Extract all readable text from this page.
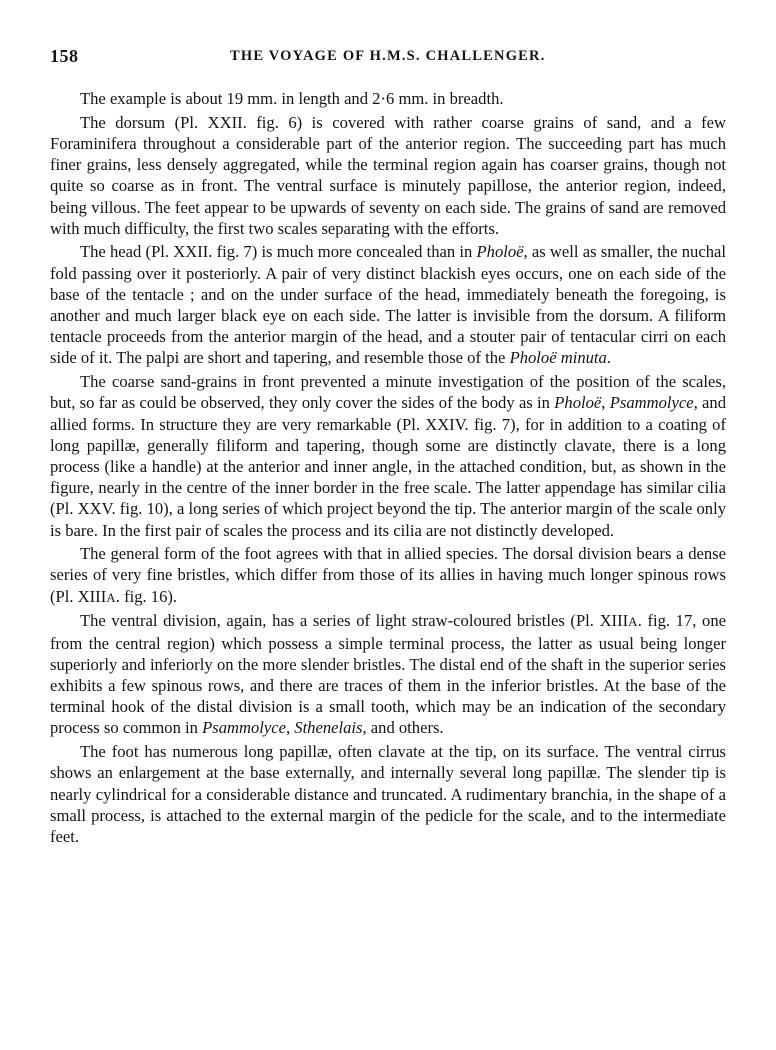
158	THE VOYAGE OF H.M.S. CHALLENGER.

The example is about 19 mm. in length and 2·6 mm. in breadth.

The dorsum (Pl. XXII. fig. 6) is covered with rather coarse grains of sand, and a few Foraminifera throughout a considerable part of the anterior region. The succeeding part has much finer grains, less densely aggregated, while the terminal region again has coarser grains, though not quite so coarse as in front. The ventral surface is minutely papillose, the anterior region, indeed, being villous. The feet appear to be upwards of seventy on each side. The grains of sand are removed with much difficulty, the first two scales separating with the efforts.

The head (Pl. XXII. fig. 7) is much more concealed than in Pholoë, as well as smaller, the nuchal fold passing over it posteriorly. A pair of very distinct blackish eyes occurs, one on each side of the base of the tentacle ; and on the under surface of the head, immediately beneath the foregoing, is another and much larger black eye on each side. The latter is invisible from the dorsum. A filiform tentacle proceeds from the anterior margin of the head, and a stouter pair of tentacular cirri on each side of it. The palpi are short and tapering, and resemble those of the Pholoë minuta.

The coarse sand-grains in front prevented a minute investigation of the position of the scales, but, so far as could be observed, they only cover the sides of the body as in Pholoë, Psammolyce, and allied forms. In structure they are very remarkable (Pl. XXIV. fig. 7), for in addition to a coating of long papillæ, generally filiform and tapering, though some are distinctly clavate, there is a long process (like a handle) at the anterior and inner angle, in the attached condition, but, as shown in the figure, nearly in the centre of the inner border in the free scale. The latter appendage has similar cilia (Pl. XXV. fig. 10), a long series of which project beyond the tip. The anterior margin of the scale only is bare. In the first pair of scales the process and its cilia are not distinctly developed.

The general form of the foot agrees with that in allied species. The dorsal division bears a dense series of very fine bristles, which differ from those of its allies in having much longer spinous rows (Pl. XIIIA. fig. 16).

The ventral division, again, has a series of light straw-coloured bristles (Pl. XIIIA. fig. 17, one from the central region) which possess a simple terminal process, the latter as usual being longer superiorly and inferiorly on the more slender bristles. The distal end of the shaft in the superior series exhibits a few spinous rows, and there are traces of them in the inferior bristles. At the base of the terminal hook of the distal division is a small tooth, which may be an indication of the secondary process so common in Psammolyce, Sthenelais, and others.

The foot has numerous long papillæ, often clavate at the tip, on its surface. The ventral cirrus shows an enlargement at the base externally, and internally several long papillæ. The slender tip is nearly cylindrical for a considerable distance and truncated. A rudimentary branchia, in the shape of a small process, is attached to the external margin of the pedicle for the scale, and to the intermediate feet.
